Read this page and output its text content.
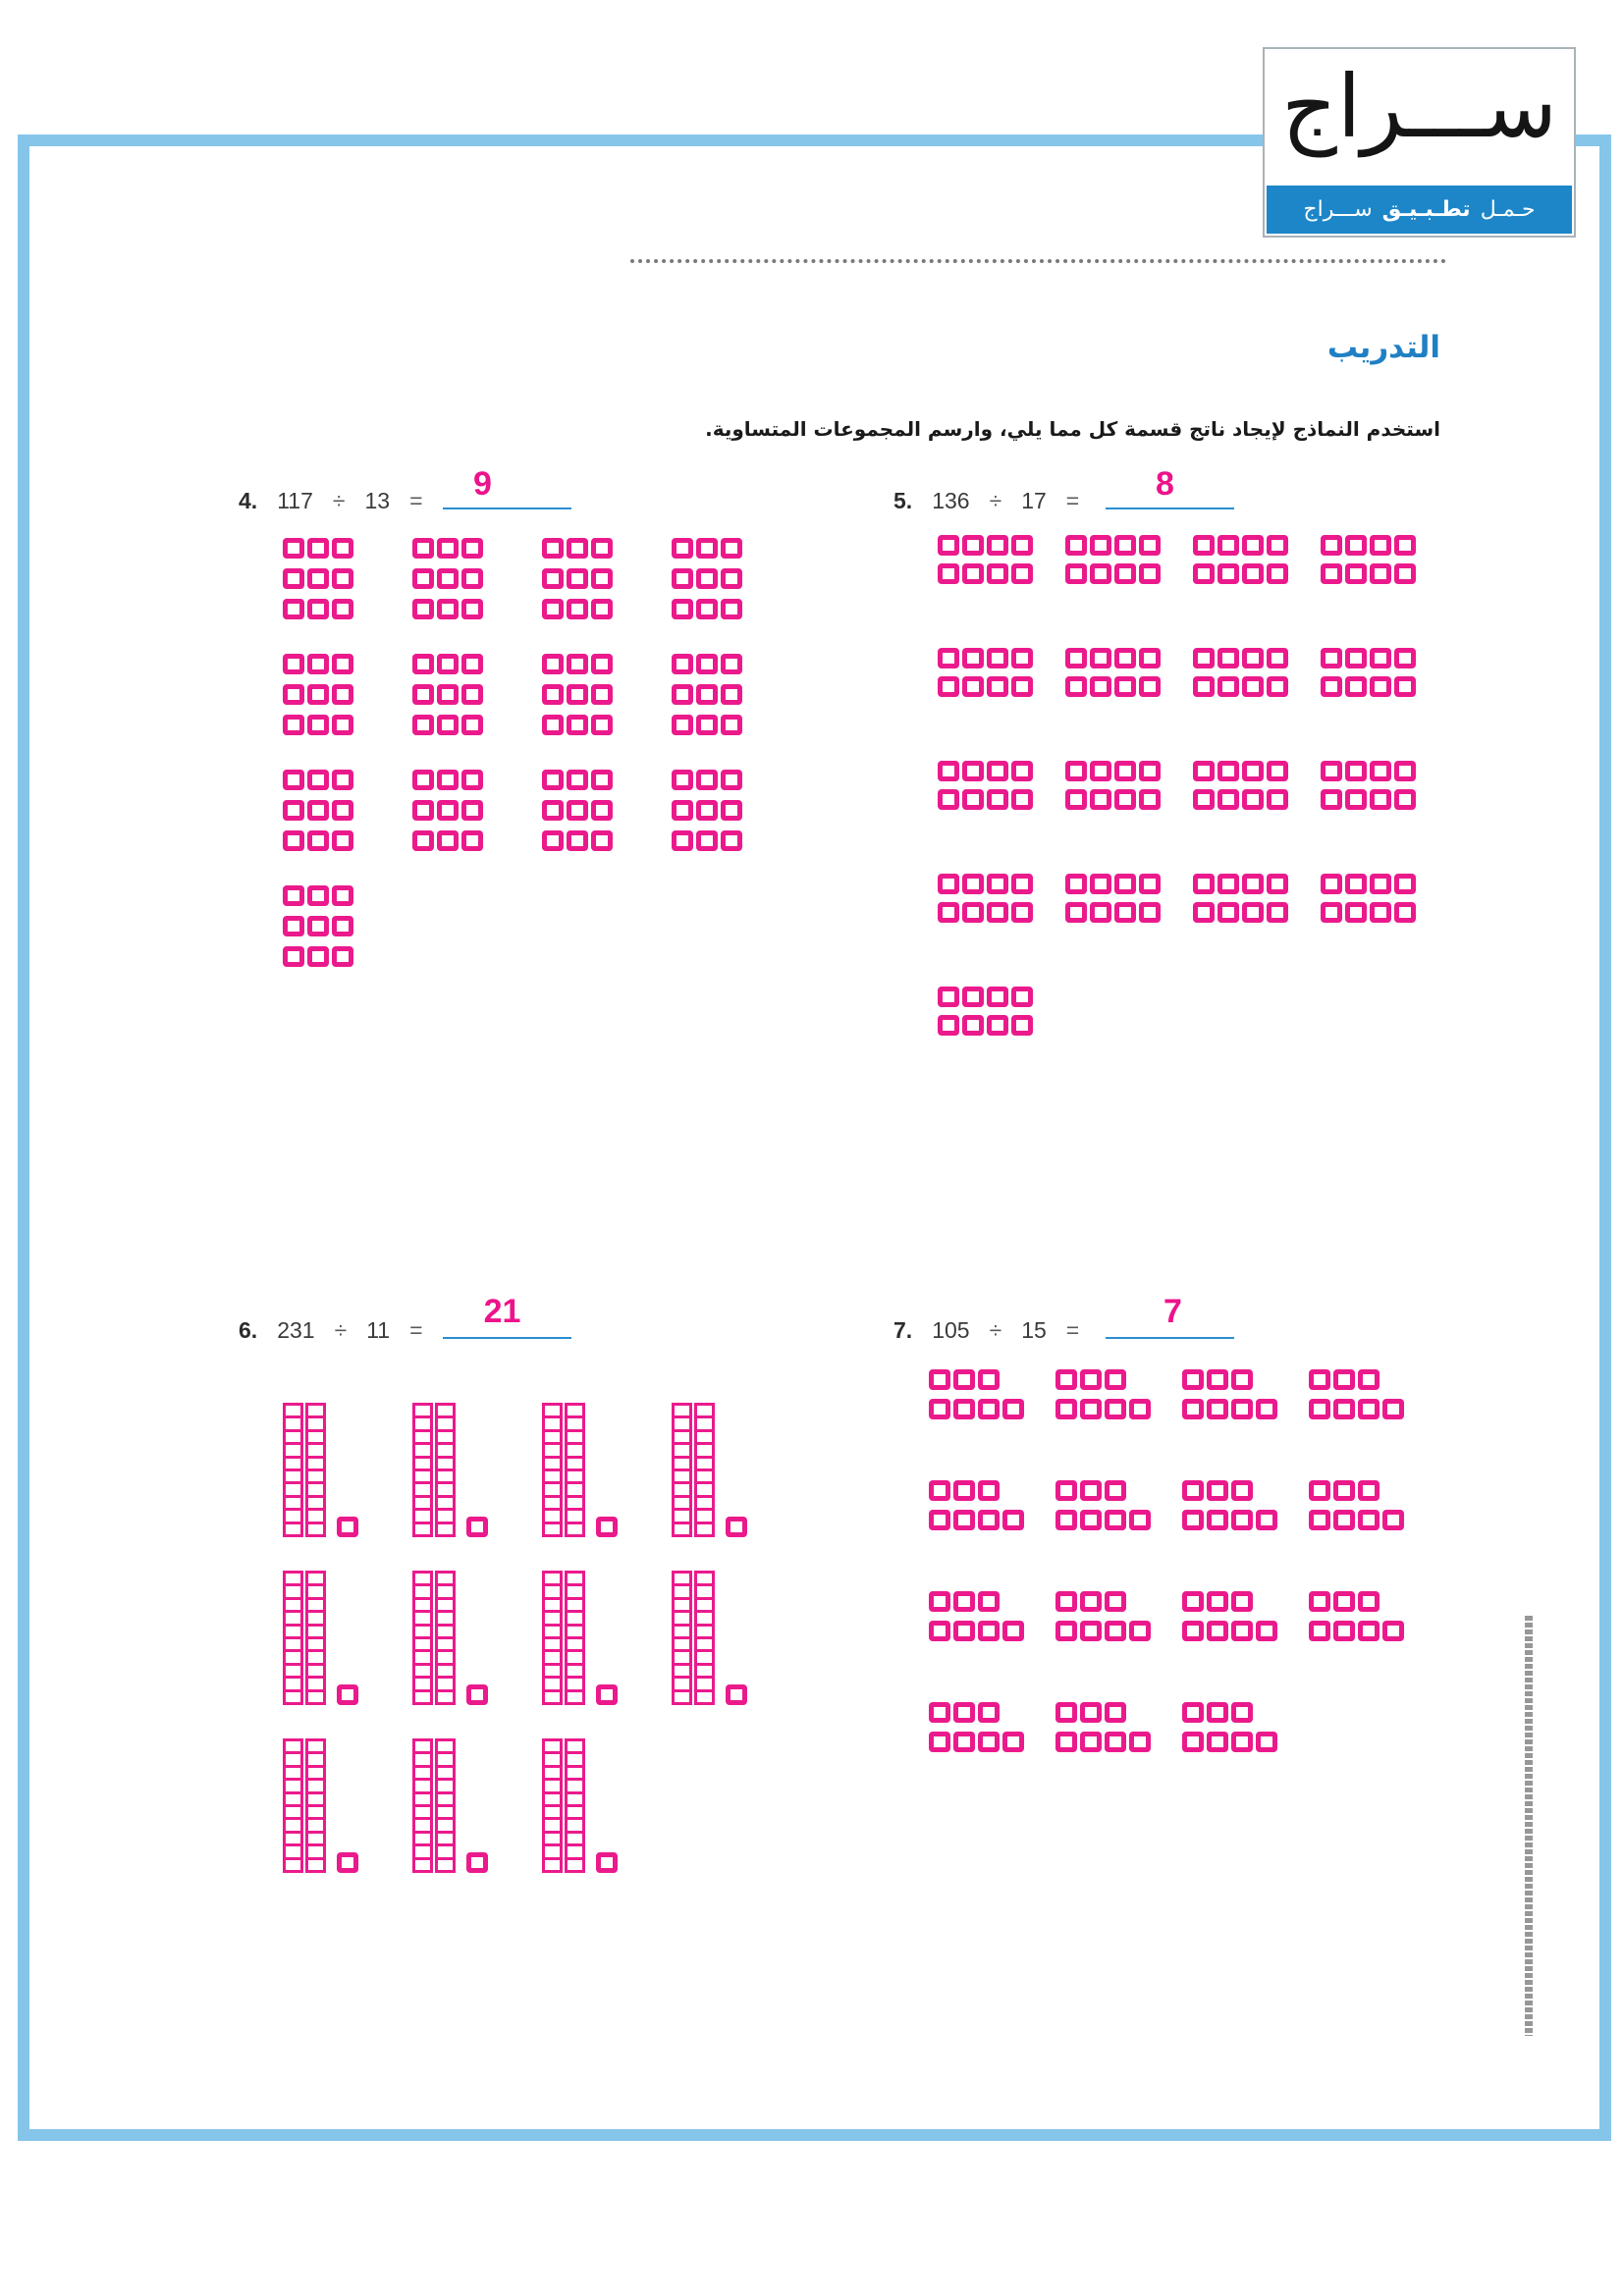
ســـراج
حـمـل
تطـبـيـق
ســـراج
التدريب

استخدم النماذج لإيجاد ناتج قسمة كل مما يلي، وارسم المجموعات المتساوية.

4. 117 ÷ 13 =	9	5. 136 ÷ 17 =	8
6. 231 ÷ 11 =	21	7. 105 ÷ 15 =	7
